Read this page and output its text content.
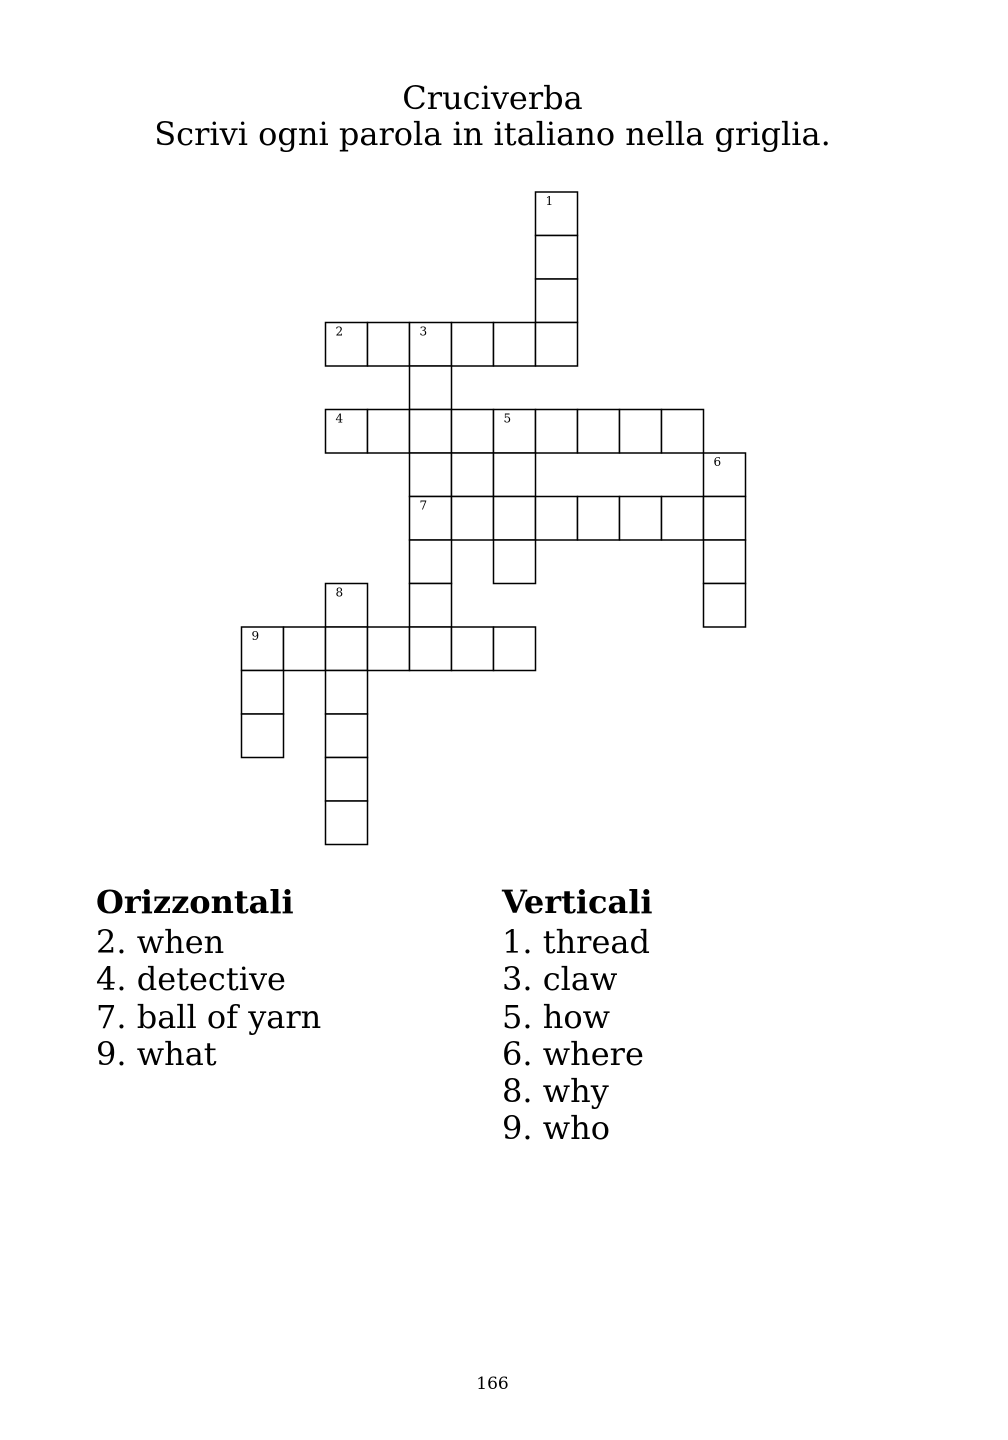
Cruciverba
Scrivi ogni parola in italiano nella griglia.
1
2	3
4	5
6
7
8
9
Orizzontali
2. when
4. detective
7. ball of yarn
9. what
Verticali
1. thread
3. claw
5. how
6. where
8. why
9. who
166
